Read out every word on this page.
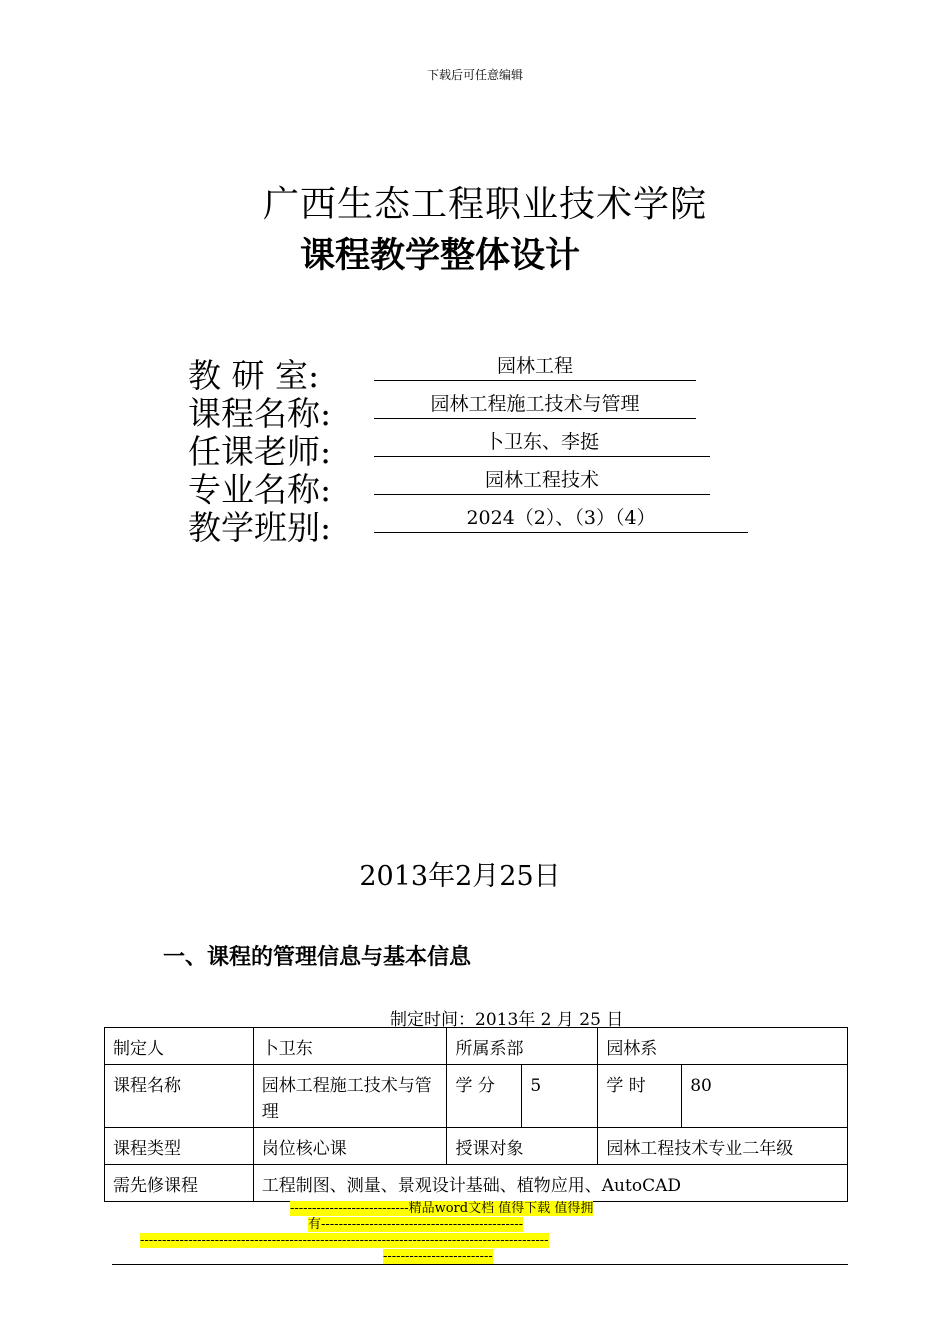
下载后可任意编辑
广西生态工程职业技术学院
课程教学整体设计
教 研 室:	园林工程
课程名称:	园林工程施工技术与管理
任课老师:	卜卫东、李挺
专业名称:	园林工程技术
教学班别:	2024（2）、（3）（4）
2013年2月25日
一、课程的管理信息与基本信息
制定时间：2013年 2 月 25 日
制定人	卜卫东	所属系部		园林系	
课程名称	园林工程施工技术与管理	学 分	5	学 时	80
课程类型	岗位核心课	授课对象		园林工程技术专业二年级	
需先修课程	工程制图、测量、景观设计基础、植物应用、AutoCAD				
---------------------------精品word文档 值得下载 值得拥
有----------------------------------------------
---------------------------------------------------------------------------------------------
-------------------------
